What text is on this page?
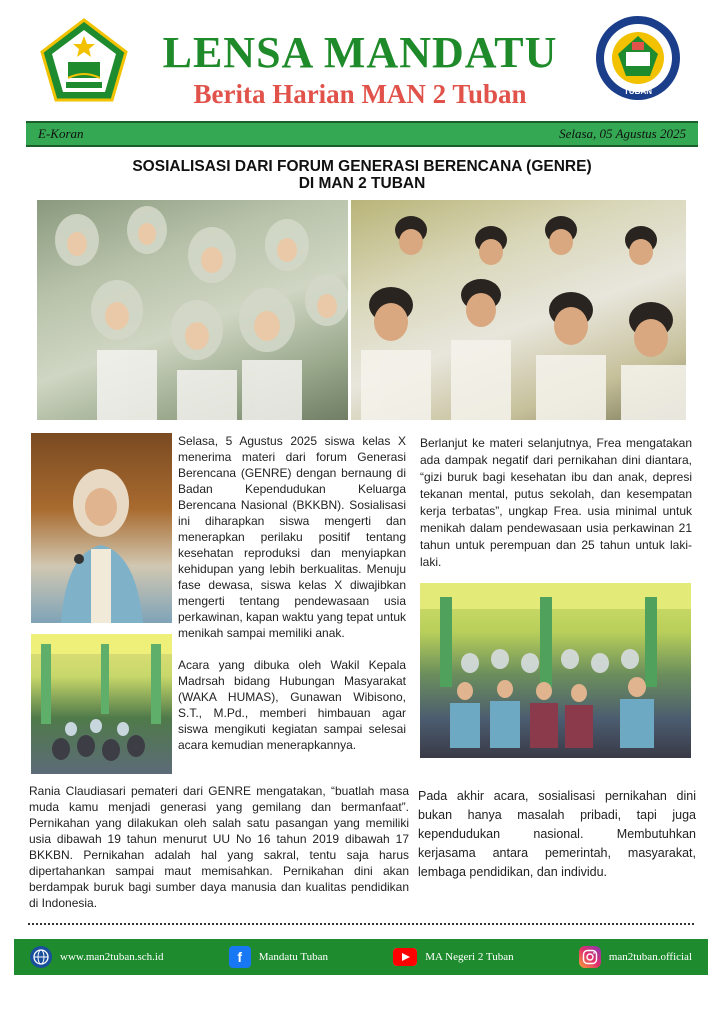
LENSA MANDATU
Berita Harian MAN 2 Tuban	TUBAN
E-Koran	Selasa, 05 Agustus 2025
SOSIALISASI DARI FORUM GENERASI BERENCANA (GENRE)
DI MAN 2 TUBAN

Selasa, 5 Agustus 2025 siswa kelas X menerima materi dari forum Generasi Berencana (GENRE) dengan bernaung di Badan Kependudukan Keluarga Berencana Nasional (BKKBN). Sosialisasi ini diharapkan siswa mengerti dan menerapkan perilaku positif tentang kesehatan reproduksi dan menyiapkan kehidupan yang lebih berkualitas. Menuju fase dewasa, siswa kelas X diwajibkan mengerti tentang pendewasaan usia perkawinan, kapan waktu yang tepat untuk menikah sampai memiliki anak.

Acara yang dibuka oleh Wakil Kepala Madrsah bidang Hubungan Masyarakat (WAKA HUMAS), Gunawan Wibisono, S.T., M.Pd., memberi himbauan agar siswa mengikuti kegiatan sampai selesai acara kemudian menerapkannya.

Berlanjut ke materi selanjutnya, Frea mengatakan ada dampak negatif dari pernikahan dini diantara, “gizi buruk bagi kesehatan ibu dan anak, depresi tekanan mental, putus sekolah, dan kesempatan kerja terbatas”, ungkap Frea. usia minimal untuk menikah dalam pendewasaan usia perkawinan 21 tahun untuk perempuan dan 25 tahun untuk laki-laki.

Rania Claudiasari pemateri dari GENRE mengatakan, “buatlah masa muda kamu menjadi generasi yang gemilang dan bermanfaat”. Pernikahan yang dilakukan oleh salah satu pasangan yang memiliki usia dibawah 19 tahun menurut UU No 16 tahun 2019 dibawah 17 BKKBN. Pernikahan adalah hal yang sakral, tentu saja harus dipertahankan sampai maut memisahkan. Pernikahan dini akan berdampak buruk bagi sumber daya manusia dan kualitas pendidikan di Indonesia.

Pada akhir acara, sosialisasi pernikahan dini bukan hanya masalah pribadi, tapi juga kependudukan nasional. Membutuhkan kerjasama antara pemerintah, masyarakat, lembaga pendidikan, dan individu.

www.man2tuban.sch.id	f	Mandatu Tuban	MA Negeri 2 Tuban	man2tuban.official
